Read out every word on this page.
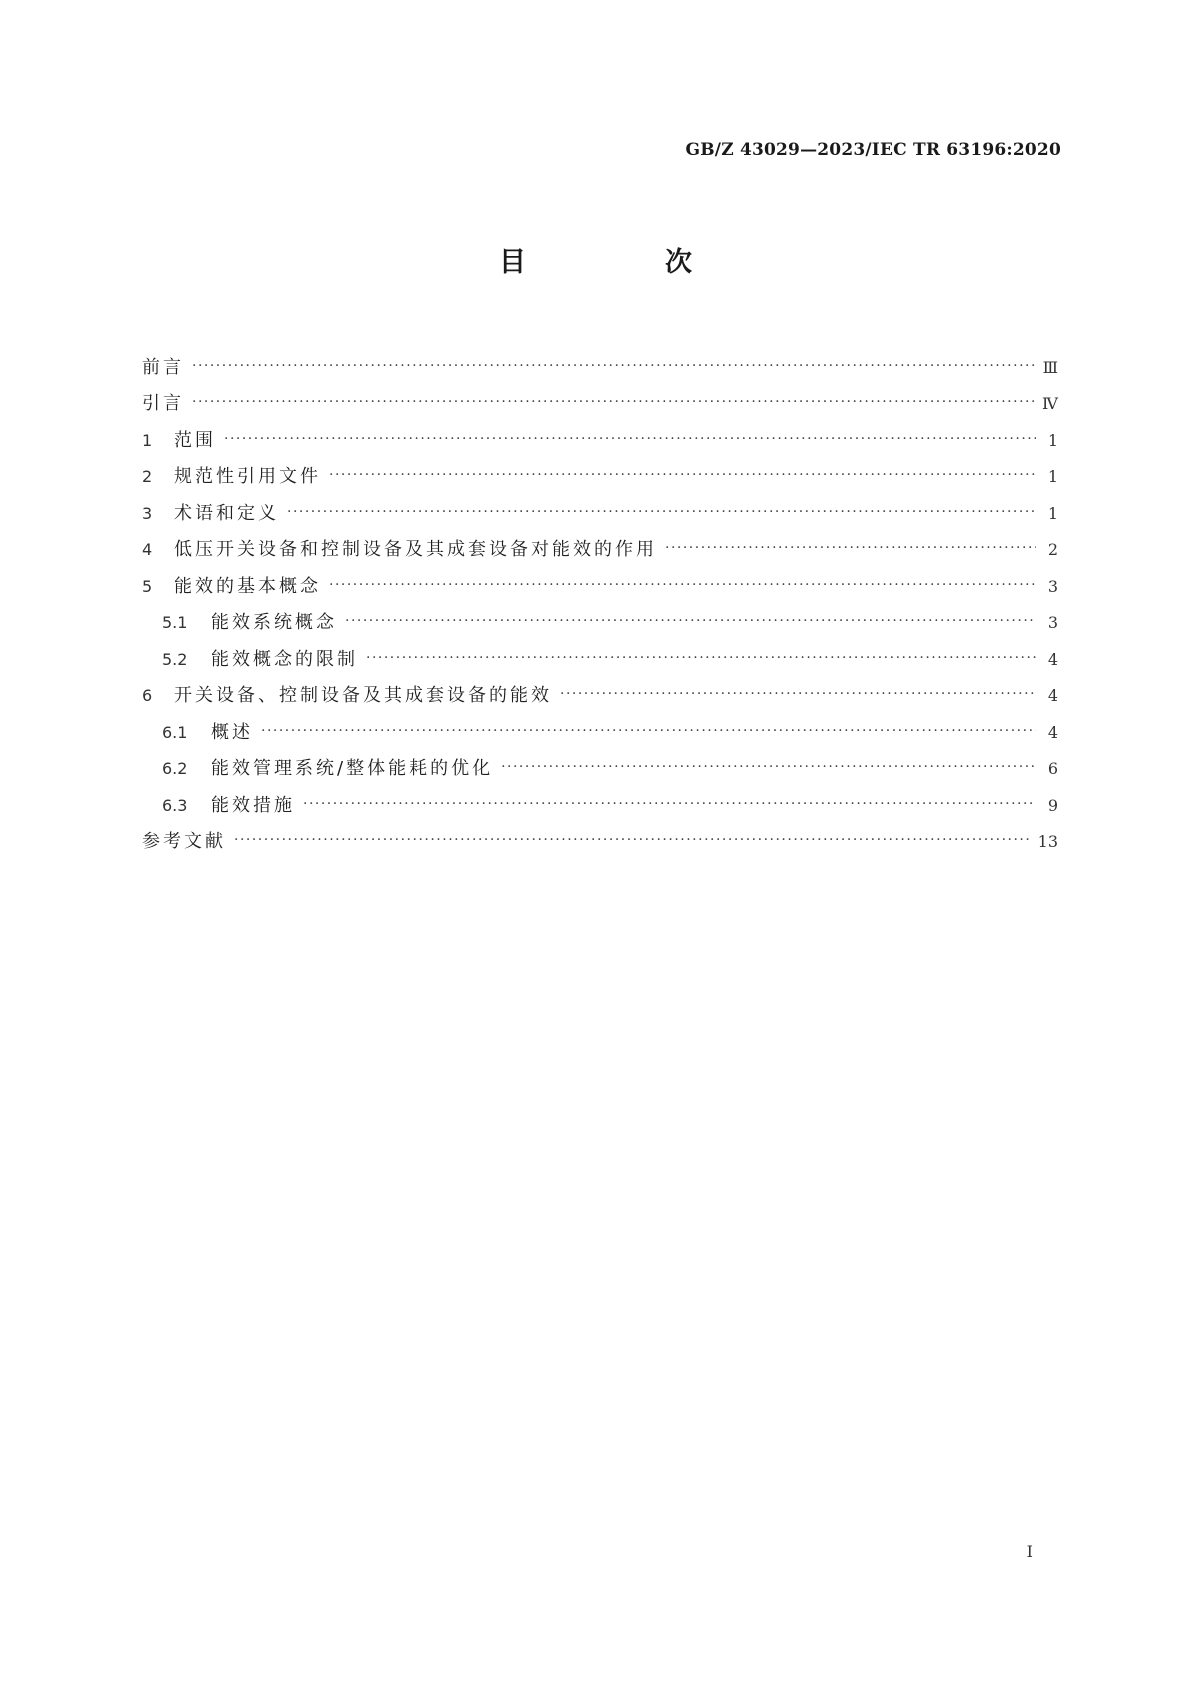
GB/Z 43029—2023/IEC TR 63196:2020
目　次
前言 ·····	Ⅲ
引言 ·····	Ⅳ
1	范围 ·····	1
2	规范性引用文件 ·····	1
3	术语和定义 ·····	1
4	低压开关设备和控制设备及其成套设备对能效的作用 ·····	2
5	能效的基本概念 ·····	3
5.1	能效系统概念 ·····	3
5.2	能效概念的限制 ·····	4
6	开关设备、控制设备及其成套设备的能效 ·····	4
6.1	概述 ·····	4
6.2	能效管理系统/整体能耗的优化 ·····	6
6.3	能效措施 ·····	9
参考文献 ·····	13
Ⅰ
